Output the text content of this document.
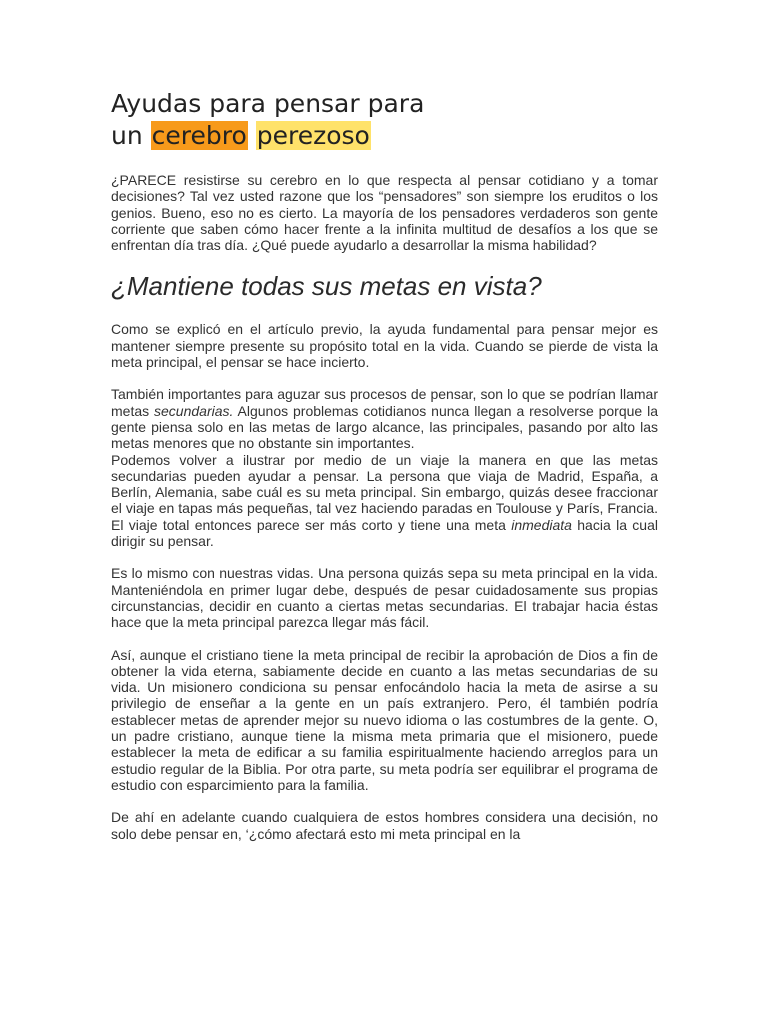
Ayudas para pensar para
un cerebro perezoso

¿PARECE resistirse su cerebro en lo que respecta al pensar cotidiano y a tomar decisiones? Tal vez usted razone que los “pensadores” son siempre los eruditos o los genios. Bueno, eso no es cierto. La mayoría de los pensadores verdaderos son gente corriente que saben cómo hacer frente a la infinita multitud de desafíos a los que se enfrentan día tras día. ¿Qué puede ayudarlo a desarrollar la misma habilidad?

¿Mantiene todas sus metas en vista?

Como se explicó en el artículo previo, la ayuda fundamental para pensar mejor es mantener siempre presente su propósito total en la vida. Cuando se pierde de vista la meta principal, el pensar se hace incierto.

También importantes para aguzar sus procesos de pensar, son lo que se podrían llamar metas secundarias. Algunos problemas cotidianos nunca llegan a resolverse porque la gente piensa solo en las metas de largo alcance, las principales, pasando por alto las metas menores que no obstante sin importantes.

Podemos volver a ilustrar por medio de un viaje la manera en que las metas secundarias pueden ayudar a pensar. La persona que viaja de Madrid, España, a Berlín, Alemania, sabe cuál es su meta principal. Sin embargo, quizás desee fraccionar el viaje en tapas más pequeñas, tal vez haciendo paradas en Toulouse y París, Francia. El viaje total entonces parece ser más corto y tiene una meta inmediata hacia la cual dirigir su pensar.

Es lo mismo con nuestras vidas. Una persona quizás sepa su meta principal en la vida. Manteniéndola en primer lugar debe, después de pesar cuidadosamente sus propias circunstancias, decidir en cuanto a ciertas metas secundarias. El trabajar hacia éstas hace que la meta principal parezca llegar más fácil.

Así, aunque el cristiano tiene la meta principal de recibir la aprobación de Dios a fin de obtener la vida eterna, sabiamente decide en cuanto a las metas secundarias de su vida. Un misionero condiciona su pensar enfocándolo hacia la meta de asirse a su privilegio de enseñar a la gente en un país extranjero. Pero, él también podría establecer metas de aprender mejor su nuevo idioma o las costumbres de la gente. O, un padre cristiano, aunque tiene la misma meta primaria que el misionero, puede establecer la meta de edificar a su familia espiritualmente haciendo arreglos para un estudio regular de la Biblia. Por otra parte, su meta podría ser equilibrar el programa de estudio con esparcimiento para la familia.

De ahí en adelante cuando cualquiera de estos hombres considera una decisión, no solo debe pensar en, ‘¿cómo afectará esto mi meta principal en la
